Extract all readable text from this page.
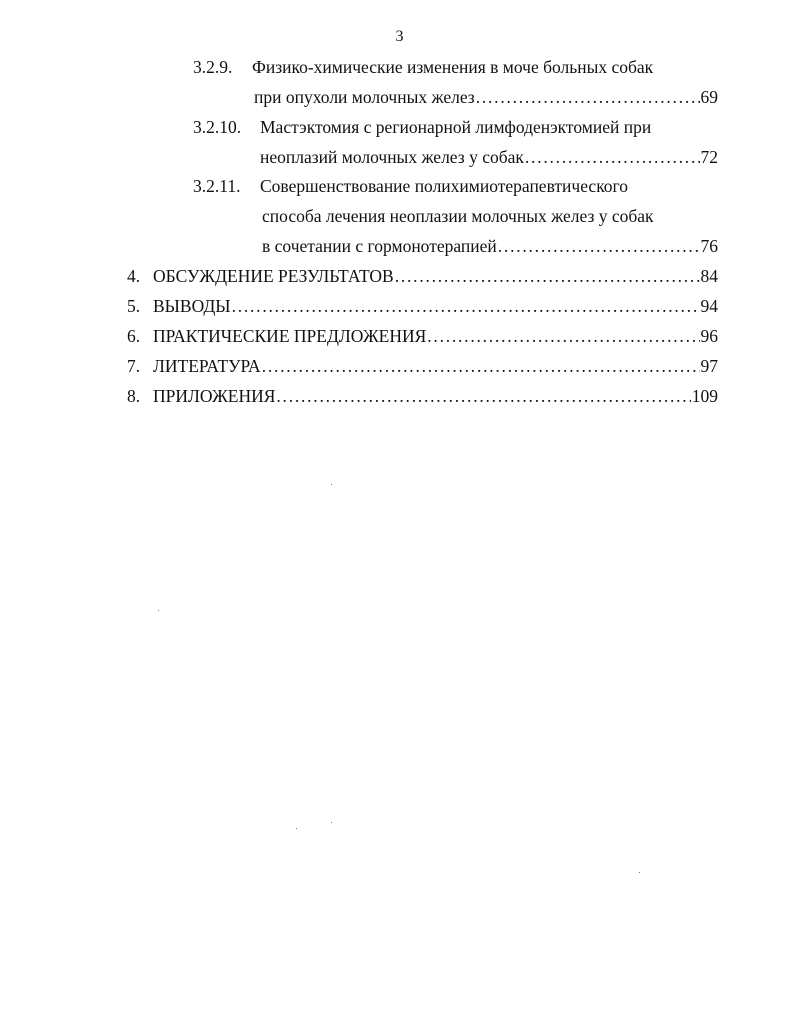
3
3.2.9. Физико-химические изменения в моче больных собак
при опухоли молочных желез . . .	69
3.2.10. Мастэктомия с регионарной лимфоденэктомией при
неоплазий молочных желез у собак . . .	72
3.2.11. Совершенствование полихимиотерапевтического
способа лечения неоплазии молочных желез у собак
в сочетании с гормонотерапией . . .	76
4. ОБСУЖДЕНИЕ РЕЗУЛЬТАТОВ . . .	84
5. ВЫВОДЫ . . .	94
6. ПРАКТИЧЕСКИЕ ПРЕДЛОЖЕНИЯ . . .	96
7. ЛИТЕРАТУРА . . .	97
8. ПРИЛОЖЕНИЯ . . .	109
